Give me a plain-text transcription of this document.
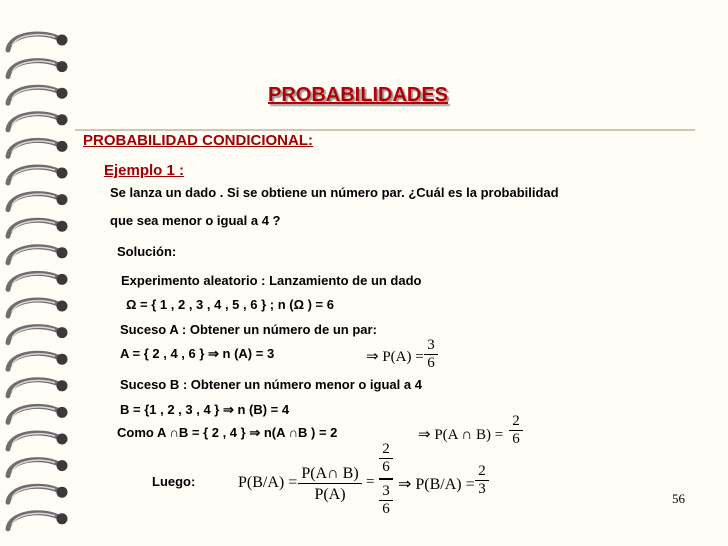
PROBABILIDADES
PROBABILIDAD CONDICIONAL:
Ejemplo 1 :
Se lanza un dado . Si se obtiene un número par. ¿Cuál es la probabilidad
que sea menor o igual a 4 ?
Solución:
Experimento aleatorio : Lanzamiento de un dado
Ω = { 1 , 2 , 3 , 4 , 5 , 6 } ; n (Ω ) = 6
Suceso A : Obtener un número de un par:
A = { 2 , 4 , 6 } ⇒ n (A) = 3	⇒ P(A) =
3
6
Suceso B : Obtener un número menor o igual a 4
B = {1 , 2 , 3 , 4 } ⇒ n (B) = 4
Como A ∩B = { 2 , 4 } ⇒ n(A ∩B ) = 2	⇒ P(A ∩ B) =
2
6
Luego:	P(B/A) =
P(A∩ B)
P(A)
=
2
6
3
6
⇒ P(B/A) =
2
3
56
